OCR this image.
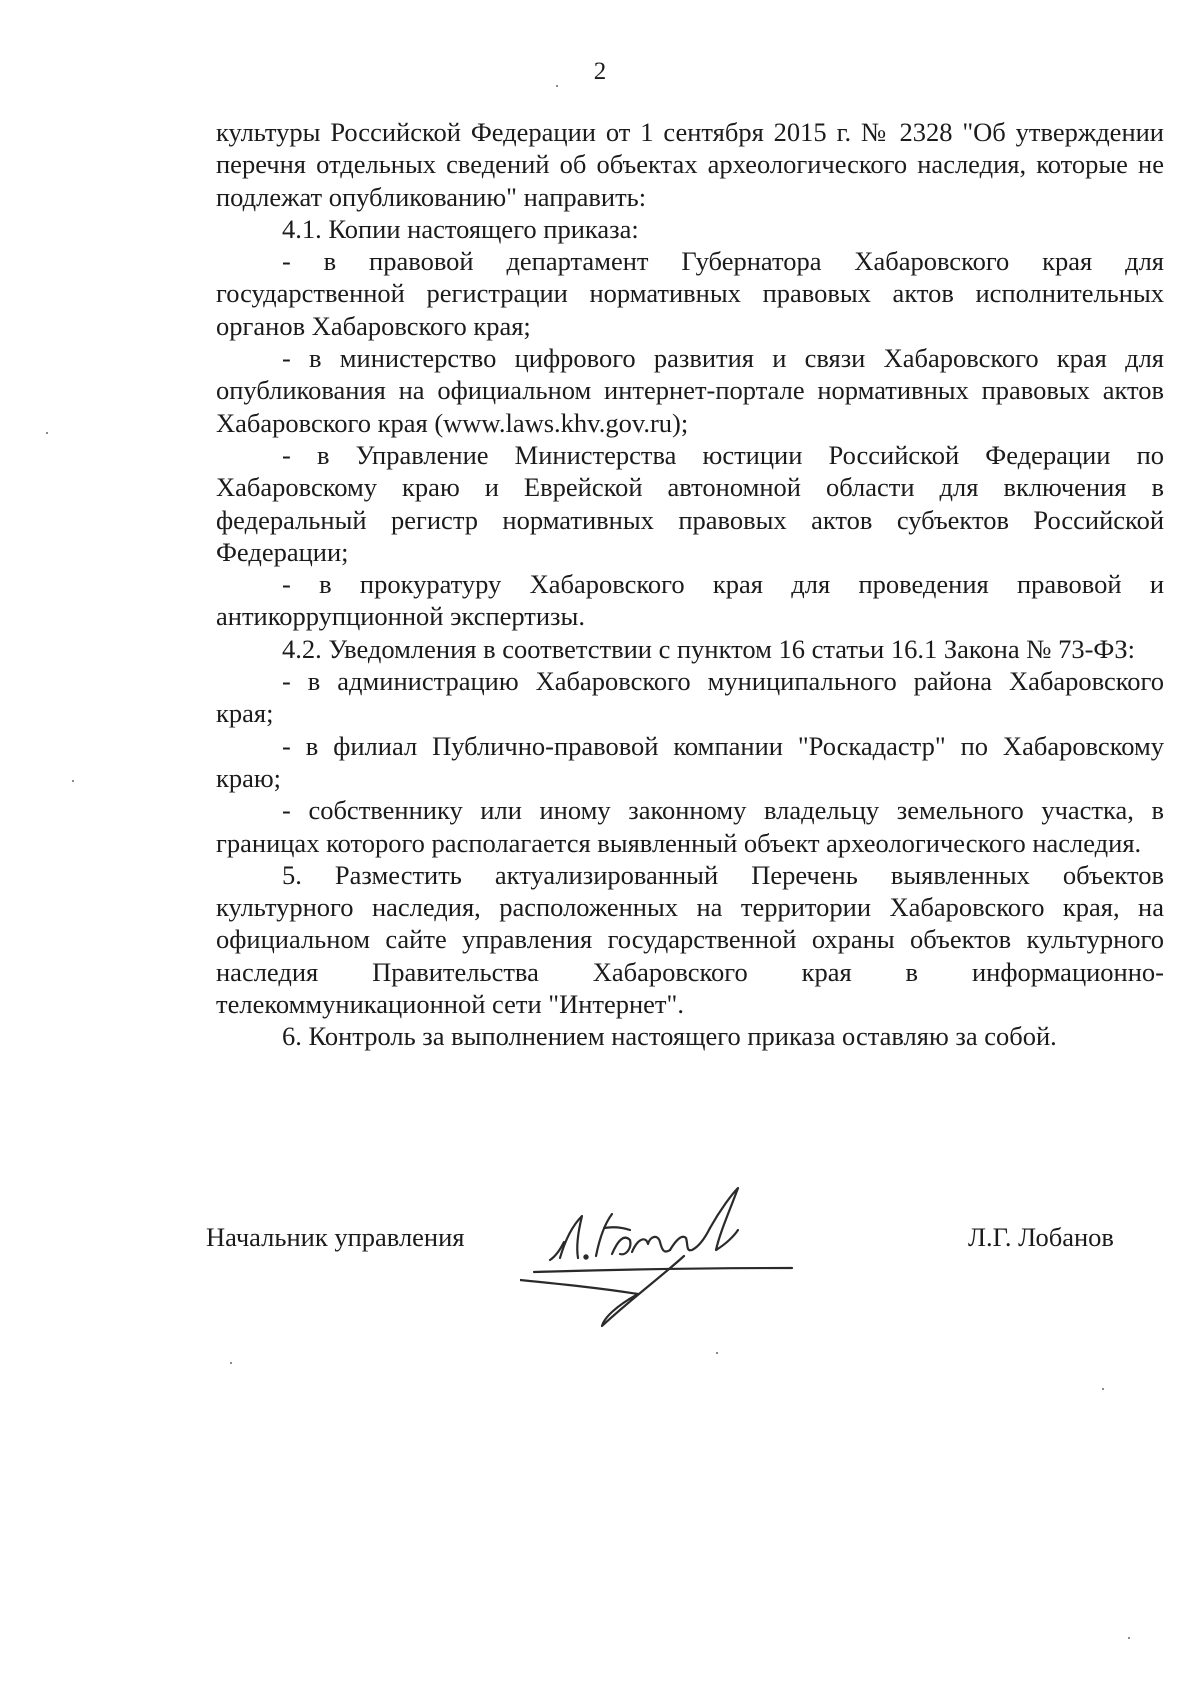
2

культуры Российской Федерации от 1 сентября 2015 г. № 2328 "Об утверждении перечня отдельных сведений об объектах археологического наследия, которые не подлежат опубликованию" направить:

4.1. Копии настоящего приказа:

- в правовой департамент Губернатора Хабаровского края для государственной регистрации нормативных правовых актов исполнительных органов Хабаровского края;

- в министерство цифрового развития и связи Хабаровского края для опубликования на официальном интернет-портале нормативных правовых актов Хабаровского края (www.laws.khv.gov.ru);

- в Управление Министерства юстиции Российской Федерации по Хабаровскому краю и Еврейской автономной области для включения в федеральный регистр нормативных правовых актов субъектов Российской Федерации;

- в прокуратуру Хабаровского края для проведения правовой и антикоррупционной экспертизы.

4.2. Уведомления в соответствии с пунктом 16 статьи 16.1 Закона № 73-ФЗ:

- в администрацию Хабаровского муниципального района Хабаровского края;

- в филиал Публично-правовой компании "Роскадастр" по Хабаровскому краю;

- собственнику или иному законному владельцу земельного участка, в границах которого располагается выявленный объект археологического наследия.

5. Разместить актуализированный Перечень выявленных объектов культурного наследия, расположенных на территории Хабаровского края, на официальном сайте управления государственной охраны объектов культурного наследия Правительства Хабаровского края в информационно-телекоммуникационной сети "Интернет".

6. Контроль за выполнением настоящего приказа оставляю за собой.

Начальник управления	Л.Г. Лобанов
